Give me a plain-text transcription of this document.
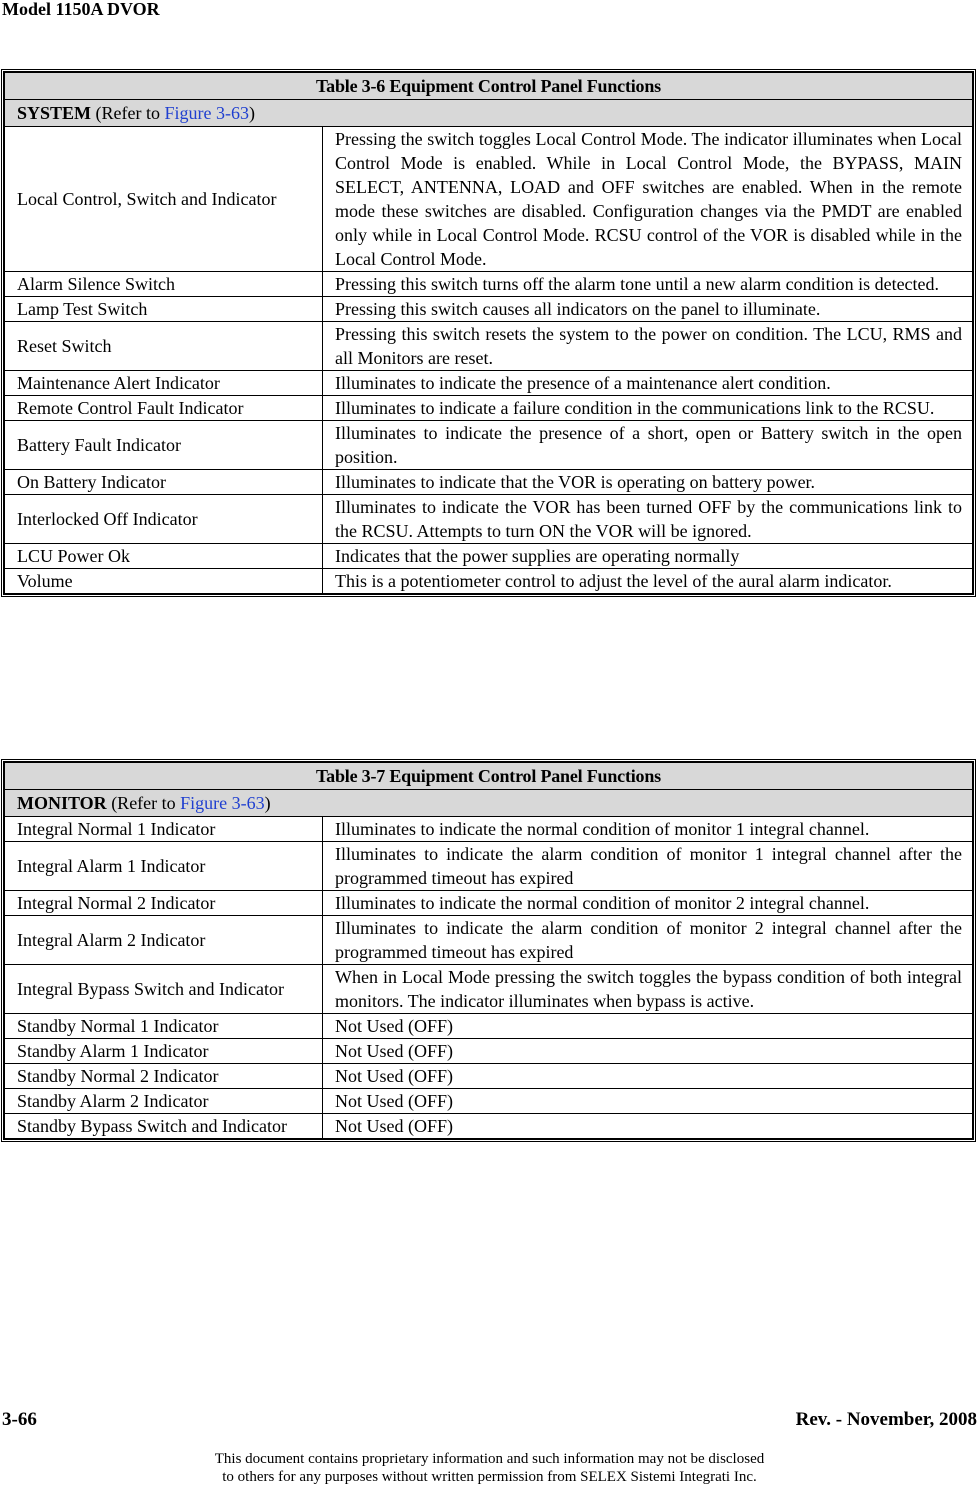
Model 1150A DVOR
Table 3-6 Equipment Control Panel Functions	
SYSTEM (Refer to Figure 3-63)	
Local Control, Switch and Indicator	Pressing the switch toggles Local Control Mode. The indicator illuminates when Local Control Mode is enabled. While in Local Control Mode, the BYPASS, MAIN SELECT, ANTENNA, LOAD and OFF switches are enabled. When in the remote mode these switches are disabled. Configuration changes via the PMDT are enabled only while in Local Control Mode. RCSU control of the VOR is disabled while in the Local Control Mode.
Alarm Silence Switch	Pressing this switch turns off the alarm tone until a new alarm condition is detected.
Lamp Test Switch	Pressing this switch causes all indicators on the panel to illuminate.
Reset Switch	Pressing this switch resets the system to the power on condition. The LCU, RMS and all Monitors are reset.
Maintenance Alert Indicator	Illuminates to indicate the presence of a maintenance alert condition.
Remote Control Fault Indicator	Illuminates to indicate a failure condition in the communications link to the RCSU.
Battery Fault Indicator	Illuminates to indicate the presence of a short, open or Battery switch in the open position.
On Battery Indicator	Illuminates to indicate that the VOR is operating on battery power.
Interlocked Off Indicator	Illuminates to indicate the VOR has been turned OFF by the communications link to the RCSU. Attempts to turn ON the VOR will be ignored.
LCU Power Ok	Indicates that the power supplies are operating normally
Volume	This is a potentiometer control to adjust the level of the aural alarm indicator.
Table 3-7 Equipment Control Panel Functions	
MONITOR (Refer to Figure 3-63)	
Integral Normal 1 Indicator	Illuminates to indicate the normal condition of monitor 1 integral channel.
Integral Alarm 1 Indicator	Illuminates to indicate the alarm condition of monitor 1 integral channel after the programmed timeout has expired
Integral Normal 2 Indicator	Illuminates to indicate the normal condition of monitor 2 integral channel.
Integral Alarm 2 Indicator	Illuminates to indicate the alarm condition of monitor 2 integral channel after the programmed timeout has expired
Integral Bypass Switch and Indicator	When in Local Mode pressing the switch toggles the bypass condition of both integral monitors. The indicator illuminates when bypass is active.
Standby Normal 1 Indicator	Not Used (OFF)
Standby Alarm 1 Indicator	Not Used (OFF)
Standby Normal 2 Indicator	Not Used (OFF)
Standby Alarm 2 Indicator	Not Used (OFF)
Standby Bypass Switch and Indicator	Not Used (OFF)
3-66	Rev. - November, 2008
This document contains proprietary information and such information may not be disclosed
to others for any purposes without written permission from SELEX Sistemi Integrati Inc.
